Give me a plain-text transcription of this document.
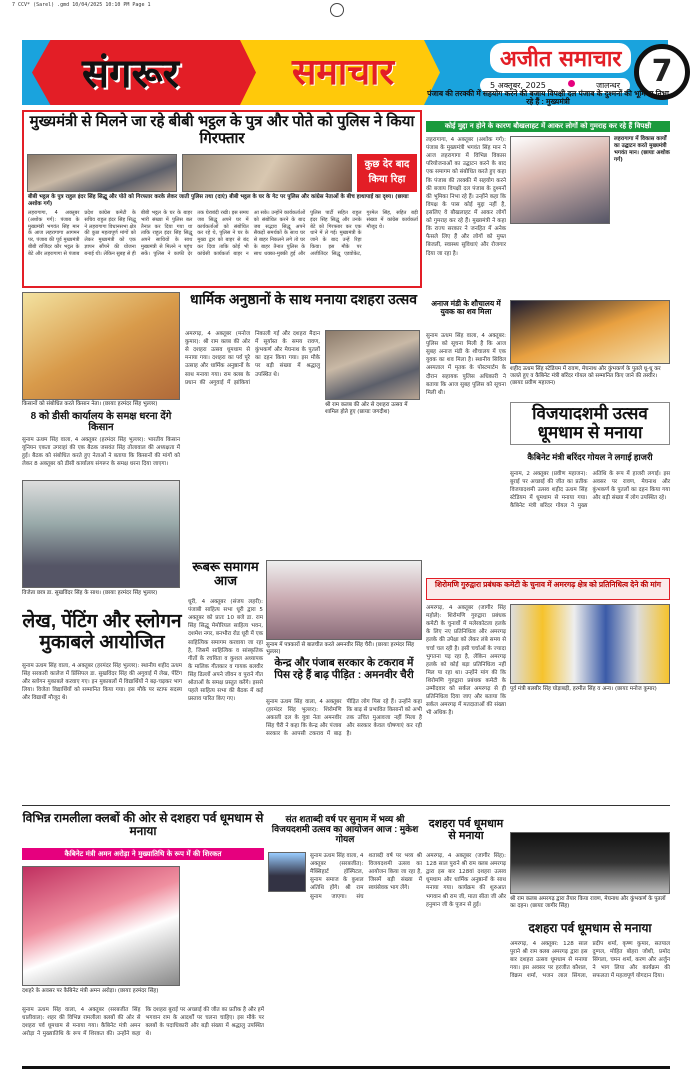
7 CCV* (Sarel) .gmd 10/04/2025 10:10 PM Page 1
संगरूर	समाचार	अजीत समाचार
5 अक्तूबर, 2025	जालन्धर	7
मुख्यमंत्री से मिलने जा रहे बीबी भट्ठल के पुत्र और पोते को पुलिस ने किया गिरफ्तार
कुछ देर बाद किया रिहा
बीबी भट्ठल के पुत्र राहुल इंदर सिंह सिद्धू और पोते को गिरफ्तार करके लेकर जाती पुलिस तथा (दाएं) बीबी भट्ठल के घर के गेट पर पुलिस और कांग्रेस नेताओं के बीच हाथापाई का दृश्य। (छायाः अशोक गर्ग)
लहरागागा, 4 अक्तूबर (अशोक गर्ग): पंजाब के मुख्यमंत्री भगवंत सिंह मान के आज लहरागागा आगमन पर, पंजाब की पूर्व मुख्यमंत्री बीबी राजिंदर कौर भट्ठल के बेटे और लहरागागा से पंजाब प्रदेश कांग्रेस कमेटी के सचिव राहुल इंदर सिंह सिद्धू ने लहरागागा विधानसभा क्षेत्र की कुछ महत्वपूर्ण मांगों को लेकर मुख्यमंत्री को एक ज्ञापन सौंपने की योजना बनाई थी। लेकिन सुबह से ही बीबी भट्ठल के घर के बाहर भारी संख्या में पुलिस बल तैनात कर दिया गया था ताकि राहुल इंदर सिंह सिद्धू अपने साथियों के साथ मुख्यमंत्री से मिलने न पहुंच सकें। पुलिस ने काफी देर तक घेराबंदी रखी। इस समय जब सिद्धू अपने घर में कार्यकर्ताओं को संबोधित कर रहे थे, पुलिस ने घर के मुख्य द्वार को बाहर से बंद कर दिया ताकि कोई भी कांग्रेसी कार्यकर्ता बाहर न आ सके। उन्होंने कार्यकर्ताओं को संबोधित करने के बाद जब सद्भाव सिद्धू अपने सैकड़ों समर्थकों के साथ घर से बाहर निकलने लगे तो घर के बाहर तैनात पुलिस के साथ धक्का-मुक्की हुई और पुलिस पार्टी सहित राहुल इंदर सिंह सिद्धू और उनके बेटे को गिरफ्तार कर एक थाने में ले गई। मुख्यमंत्री के जाने के बाद उन्हें रिहा किया। इस मौके पर अजीतिंदर सिद्धू एडवोकेट, गुरमेल सिंह, सहित बड़ी संख्या में कांग्रेस कार्यकर्ता मौजूद थे।
किसानों को संबोधित करते किसान नेता। (छायाः हरमंदर सिंह भुल्लर)
धार्मिक अनुष्ठानों के साथ मनाया दशहरा उत्सव
अमरगढ़, 4 अक्तूबर (मनोज कुमार): श्री राम क्लब की ओर से दशहरा उत्सव धूमधाम से मनाया गया। दशहरा का पर्व पूरे उत्साह और धार्मिक अनुष्ठानों के साथ मनाया गया। राम क्लब के प्रधान की अगुवाई में झांकियां निकाली गई और दशहरा मैदान में सूर्यास्त के समय रावण, कुंभकर्ण और मेघनाथ के पुतलों का दहन किया गया। इस मौके पर बड़ी संख्या में श्रद्धालु उपस्थित थे।
श्री राम कलब की ओर से दशहरा उत्सव में शामिल होते हुए (छायाः जगदीश)
8 को डीसी कार्यालय के समक्ष धरना देंगे किसान
सुनाम ऊधम सिंह वाला, 4 अक्तूबर (हरमंदर सिंह भुल्लर): भारतीय किसान यूनियन एकता उगराहां की एक बैठक जसवंत सिंह तोलावाल की अध्यक्षता में हुई। बैठक को संबोधित करते हुए नेताओं ने बताया कि किसानों की मांगों को लेकर 8 अक्तूबर को डीसी कार्यालय संगरूर के समक्ष धरना दिया जाएगा।
विजेता छात्र डा. सुखविंदर सिंह के साथ। (छायाः हरमंदर सिंह भुल्लर)
लेख, पेंटिंग और स्लोगन मुकाबले आयोजित
सुनाम ऊधम सिंह वाला, 4 अक्तूबर (हरमंदर सिंह भुल्लर): स्थानीय शहीद ऊधम सिंह सरकारी कालेज में प्रिंसिपल डा. सुखविंदर सिंह की अगुवाई में लेख, पेंटिंग और स्लोगन मुकाबले करवाए गए। इन मुकाबलों में विद्यार्थियों ने बढ़-चढ़कर भाग लिया। विजेता विद्यार्थियों को सम्मानित किया गया। इस मौके पर स्टाफ सदस्य और विद्यार्थी मौजूद थे।
रूबरू समागम आज
धूरी, 4 अक्तूबर (संजय लहरी): पंजाबी साहित्य सभा धूरी द्वारा 5 अक्तूबर को प्रातः 10 बजे डा. राम सिंह सिद्धू मेमोरियल साहित्य भवन, दशमेश नगर, बनभौरा रोड धूरी में एक साहित्यिक समागम करवाया जा रहा है, जिसमें साहित्यिक व सांस्कृतिक गीतों के रचयिता व कुशल अध्यापक के मालिक गीतकार व गायक बलवीर सिंह ढिल्लों अपने जीवन व पुराने गीत श्रोताओं के समक्ष प्रस्तुत करेंगे। इससे पहले साहित्य सभा की बैठक में कई प्रस्ताव पारित किए गए।
सुनाम में पत्रकारों से बातचीत करते अमनवीर सिंह चैरी। (छायाः हरमंदर सिंह भुल्लर)
केन्द्र और पंजाब सरकार के टकराव में पिस रहे हैं बाढ़ पीड़ित : अमनवीर चैरी
सुनाम ऊधम सिंह वाला, 4 अक्तूबर (हरमंदर सिंह भुल्लर): शिरोमणि अकाली दल के युवा नेता अमनवीर सिंह चैरी ने कहा कि केन्द्र और पंजाब सरकार के आपसी टकराव में बाढ़ पीड़ित लोग पिस रहे हैं। उन्होंने कहा कि बाढ़ से प्रभावित किसानों को अभी तक उचित मुआवजा नहीं मिला है और सरकार केवल घोषणाएं कर रही है।
पंजाब की तरक्की में सहयोग करने की बजाय विपक्षी दल पंजाब के दुश्मनों की भूमिका निभा रहे हैं : मुख्यमंत्री
कोई मुद्दा न होने के कारण बौखलाहट में आकर लोगों को गुमराह कर रहे हैं विपक्षी
लहरागागा, 4 अक्तूबर (अशोक गर्ग): पंजाब के मुख्यमंत्री भगवंत सिंह मान ने आज लहरागागा में विभिन्न विकास परियोजनाओं का उद्घाटन करने के बाद एक समागम को संबोधित करते हुए कहा कि पंजाब की तरक्की में सहयोग करने की बजाय विपक्षी दल पंजाब के दुश्मनों की भूमिका निभा रहे हैं। उन्होंने कहा कि विपक्ष के पास कोई मुद्दा नहीं है, इसलिए वे बौखलाहट में आकर लोगों को गुमराह कर रहे हैं। मुख्यमंत्री ने कहा कि राज्य सरकार ने जनहित में अनेक फैसले लिए हैं और लोगों को मुफ्त बिजली, स्वास्थ्य सुविधाएं और रोजगार दिया जा रहा है।
लहरागागा में विकास कार्यों का उद्घाटन करते मुख्यमंत्री भगवंत मान। (छायाः अशोक गर्ग)
अनाज मंडी के शौचालय में युवक का शव मिला
सुनाम ऊधम सिंह वाला, 4 अक्तूबर: पुलिस को सूचना मिली है कि आज सुबह अनाज मंडी के शौचालय में एक युवक का शव मिला है। स्थानीय सिविल अस्पताल में मृतक के पोस्टमार्टम के दौरान सहायक पुलिस अधिकारी ने बताया कि आज सुबह पुलिस को सूचना मिली थी।
शहीद ऊधम सिंह स्टेडियम में रावण, मेघनाथ और कुंभकर्ण के पुतले धू-धू कर जलते हुए व कैबिनेट मंत्री बरिंदर गोयल को सम्मानित किए जाने की तस्वीर। (छायाः प्रवीण महाजन)
विजयादशमी उत्सव धूमधाम से मनाया
कैबिनेट मंत्री बरिंदर गोयल ने लगाई हाजरी
सुनाम, 2 अक्तूबर (प्रवीण महाजन): बुराई पर अच्छाई की जीत का प्रतीक विजयादशमी उत्सव शहीद ऊधम सिंह स्टेडियम में धूमधाम से मनाया गया। कैबिनेट मंत्री बरिंदर गोयल ने मुख्य अतिथि के रूप में हाजरी लगाई। इस अवसर पर रावण, मेघनाथ और कुंभकर्ण के पुतलों का दहन किया गया और बड़ी संख्या में लोग उपस्थित रहे।
शिरोमणि गुरुद्वारा प्रबंधक कमेटी के चुनाव में अमरगढ़ क्षेत्र को प्रतिनिधित्व देने की मांग
अमरगढ़, 4 अक्तूबर (जागीर सिंह महोले): शिरोमणि गुरुद्वारा प्रबंधक कमेटी के चुनावों में मलेरकोटला हलके के लिए नए प्रतिनिधित्व और अमरगढ़ हलके की उपेक्षा को लेकर लंबे समय से चर्चा चल रही है। इसी चर्चाओं के ज्यादा भुगतना पड़ रहा है, लेकिन अमरगढ़ हलके को कोई बड़ा प्रतिनिधित्व नहीं मिल पा रहा था। उन्होंने मांग की कि शिरोमणि गुरुद्वारा प्रबंधक कमेटी के उम्मीदवार को सर्कल अमरगढ़ से ही प्रतिनिधित्व दिया जाए और बताया कि सर्कल अमरगढ़ में मतदाताओं की संख्या भी अधिक है।
पूर्व मंत्री बलबीर सिंह घोड़ाबड़ी, हरमीत सिंह व अन्य। (छायाः मनोज कुमार)
विभिन्न रामलीला क्लबों की ओर से दशहरा पर्व धूमधाम से मनाया
कैबिनेट मंत्री अमन अरोड़ा ने मुख्यातिथि के रूप में की शिरकत
दशहरे के अवसर पर कैबिनेट मंत्री अमन अरोड़ा। (छायाः हरमंदर सिंह)
सुनाम ऊधम सिंह वाला, 4 अक्तूबर (सरबजीत सिंह धालीवाल): शहर की विभिन्न रामलीला क्लबों की ओर से दशहरा पर्व धूमधाम से मनाया गया। कैबिनेट मंत्री अमन अरोड़ा ने मुख्यातिथि के रूप में शिरकत की। उन्होंने कहा कि दशहरा बुराई पर अच्छाई की जीत का प्रतीक है और हमें भगवान राम के आदर्शों पर चलना चाहिए। इस मौके पर क्लबों के पदाधिकारी और बड़ी संख्या में श्रद्धालु उपस्थित थे।
संत शताब्दी वर्ष पर सुनाम में भव्य श्री विजयदशमी उत्सव का आयोजन आज : मुकेश गोयल
सुनाम ऊधम सिंह वाला, 4 अक्तूबर (सरबजीत): मैक्सिहार्ट हॉस्पिटल, सुनाम समाज के कुशल अतिथि होंगे। श्री राम सुनाम जाएगा। संघ शताब्दी वर्ष पर भव्य श्री विजयदशमी उत्सव का आयोजन किया जा रहा है, जिसमें बड़ी संख्या में स्वयंसेवक भाग लेंगे।
दशहरा पर्व धूमधाम से मनाया
अमरगढ़, 4 अक्तूबर (जागीर सिंह): 128 साल पुराने श्री राम क्लब अमरगढ़ द्वारा इस बार 128वां दशहरा उत्सव धूमधाम और धार्मिक अनुष्ठानों के साथ मनाया गया। कार्यक्रम की शुरुआत भगवान श्री राम जी, माता सीता जी और हनुमान जी के पूजन से हुई।
श्री राम कलब अमरगढ़ द्वारा तैयार किया रावण, मेघनाथ और कुंभकर्ण के पुतलों का दहन। (छायाः जागीर सिंह)
दशहरा पर्व धूमधाम से मनाया
अमरगढ़, 4 अक्तूबर: 128 साल पुराने श्री राम क्लब अमरगढ़ द्वारा इस बार दशहरा उत्सव धूमधाम से मनाया गया। इस अवसर पर हरजीत कौशल, विक्रम शर्मा, भजन लाल सिंगला, प्रदीप शर्मा, कृष्ण कुमार, सतपाल दुग्गल, मोहित बोहरा जोशी, प्रमोद सिंगला, चमन शर्मा, करण और अर्जुन ने भाग लिया और कार्यक्रम की सफलता में महत्वपूर्ण योगदान दिया।
